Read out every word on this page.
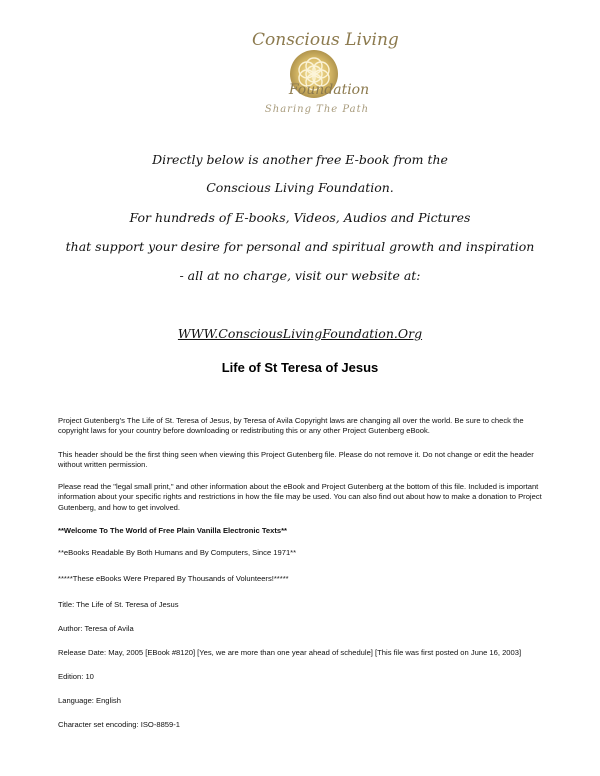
Conscious Living
Foundation
Sharing The Path
Directly below is another free E-book from the
Conscious Living Foundation.
For hundreds of E-books, Videos, Audios and Pictures
that support your desire for personal and spiritual growth and inspiration
- all at no charge, visit our website at:
WWW.ConsciousLivingFoundation.Org
Life of St Teresa of Jesus
Project Gutenberg's The Life of St. Teresa of Jesus, by Teresa of Avila Copyright laws are changing all over the world. Be sure to check the copyright laws for your country before downloading or redistributing this or any other Project Gutenberg eBook.
This header should be the first thing seen when viewing this Project Gutenberg file. Please do not remove it. Do not change or edit the header without written permission.
Please read the "legal small print," and other information about the eBook and Project Gutenberg at the bottom of this file. Included is important information about your specific rights and restrictions in how the file may be used. You can also find out about how to make a donation to Project Gutenberg, and how to get involved.
**Welcome To The World of Free Plain Vanilla Electronic Texts**
**eBooks Readable By Both Humans and By Computers, Since 1971**
*****These eBooks Were Prepared By Thousands of Volunteers!*****
Title: The Life of St. Teresa of Jesus
Author: Teresa of Avila
Release Date: May, 2005 [EBook #8120] [Yes, we are more than one year ahead of schedule] [This file was first posted on June 16, 2003]
Edition: 10
Language: English
Character set encoding: ISO-8859-1
